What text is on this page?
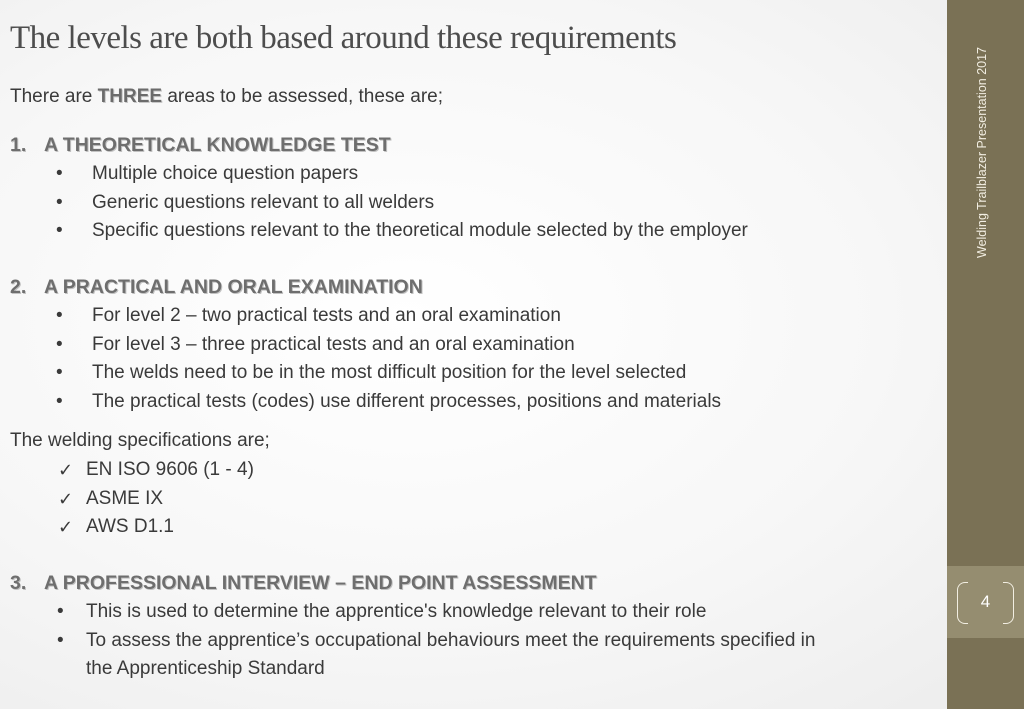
The levels are both based around these requirements
There are THREE areas to be assessed, these are;
1. A THEORETICAL KNOWLEDGE TEST
• Multiple choice question papers
• Generic questions relevant to all welders
• Specific questions relevant to the theoretical module selected by the employer
2. A PRACTICAL AND ORAL EXAMINATION
• For level 2 – two practical tests and an oral examination
• For level 3 – three practical tests and an oral examination
• The welds need to be in the most difficult position for the level selected
• The practical tests (codes) use different processes, positions and materials
The welding specifications are;
✓ EN ISO 9606 (1 - 4)
✓ ASME IX
✓ AWS D1.1
3. A PROFESSIONAL INTERVIEW – END POINT ASSESSMENT
• This is used to determine the apprentice's knowledge relevant to their role
• To assess the apprentice’s occupational behaviours meet the requirements specified in
the Apprenticeship Standard
Welding Trailblazer Presentation 2017
4
